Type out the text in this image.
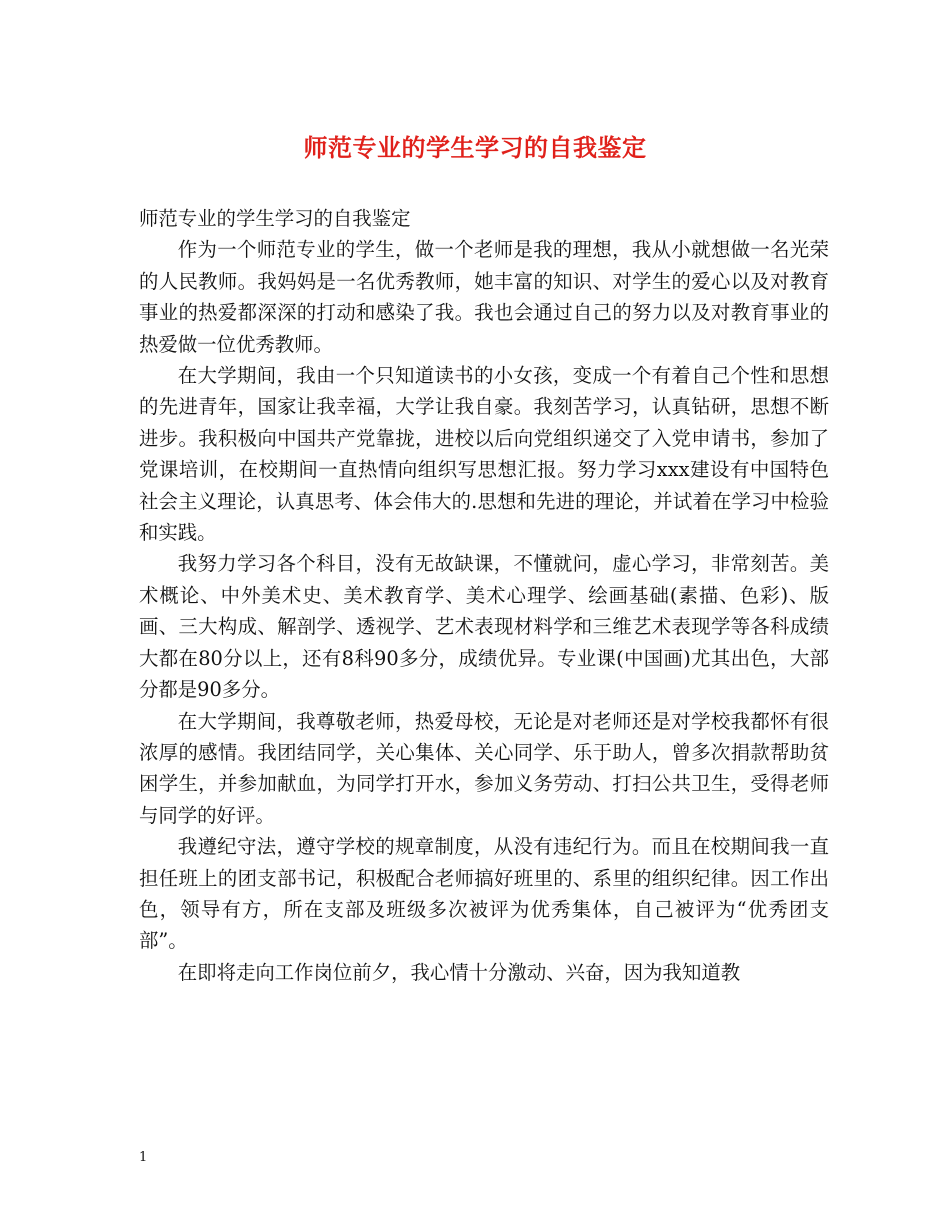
师范专业的学生学习的自我鉴定

师范专业的学生学习的自我鉴定

作为一个师范专业的学生，做一个老师是我的理想，我从小就想做一名光荣的人民教师。我妈妈是一名优秀教师，她丰富的知识、对学生的爱心以及对教育事业的热爱都深深的打动和感染了我。我也会通过自己的努力以及对教育事业的热爱做一位优秀教师。

在大学期间，我由一个只知道读书的小女孩，变成一个有着自己个性和思想的先进青年，国家让我幸福，大学让我自豪。我刻苦学习，认真钻研，思想不断进步。我积极向中国共产党靠拢，进校以后向党组织递交了入党申请书，参加了党课培训，在校期间一直热情向组织写思想汇报。努力学习xxx建设有中国特色社会主义理论，认真思考、体会伟大的.思想和先进的理论，并试着在学习中检验和实践。

我努力学习各个科目，没有无故缺课，不懂就问，虚心学习，非常刻苦。美术概论、中外美术史、美术教育学、美术心理学、绘画基础(素描、色彩)、版画、三大构成、解剖学、透视学、艺术表现材料学和三维艺术表现学等各科成绩大都在80分以上，还有8科90多分，成绩优异。专业课(中国画)尤其出色，大部分都是90多分。

在大学期间，我尊敬老师，热爱母校，无论是对老师还是对学校我都怀有很浓厚的感情。我团结同学，关心集体、关心同学、乐于助人，曾多次捐款帮助贫困学生，并参加献血，为同学打开水，参加义务劳动、打扫公共卫生，受得老师与同学的好评。

我遵纪守法，遵守学校的规章制度，从没有违纪行为。而且在校期间我一直担任班上的团支部书记，积极配合老师搞好班里的、系里的组织纪律。因工作出色，领导有方，所在支部及班级多次被评为优秀集体，自己被评为“优秀团支部”。

在即将走向工作岗位前夕，我心情十分激动、兴奋，因为我知道教

1
